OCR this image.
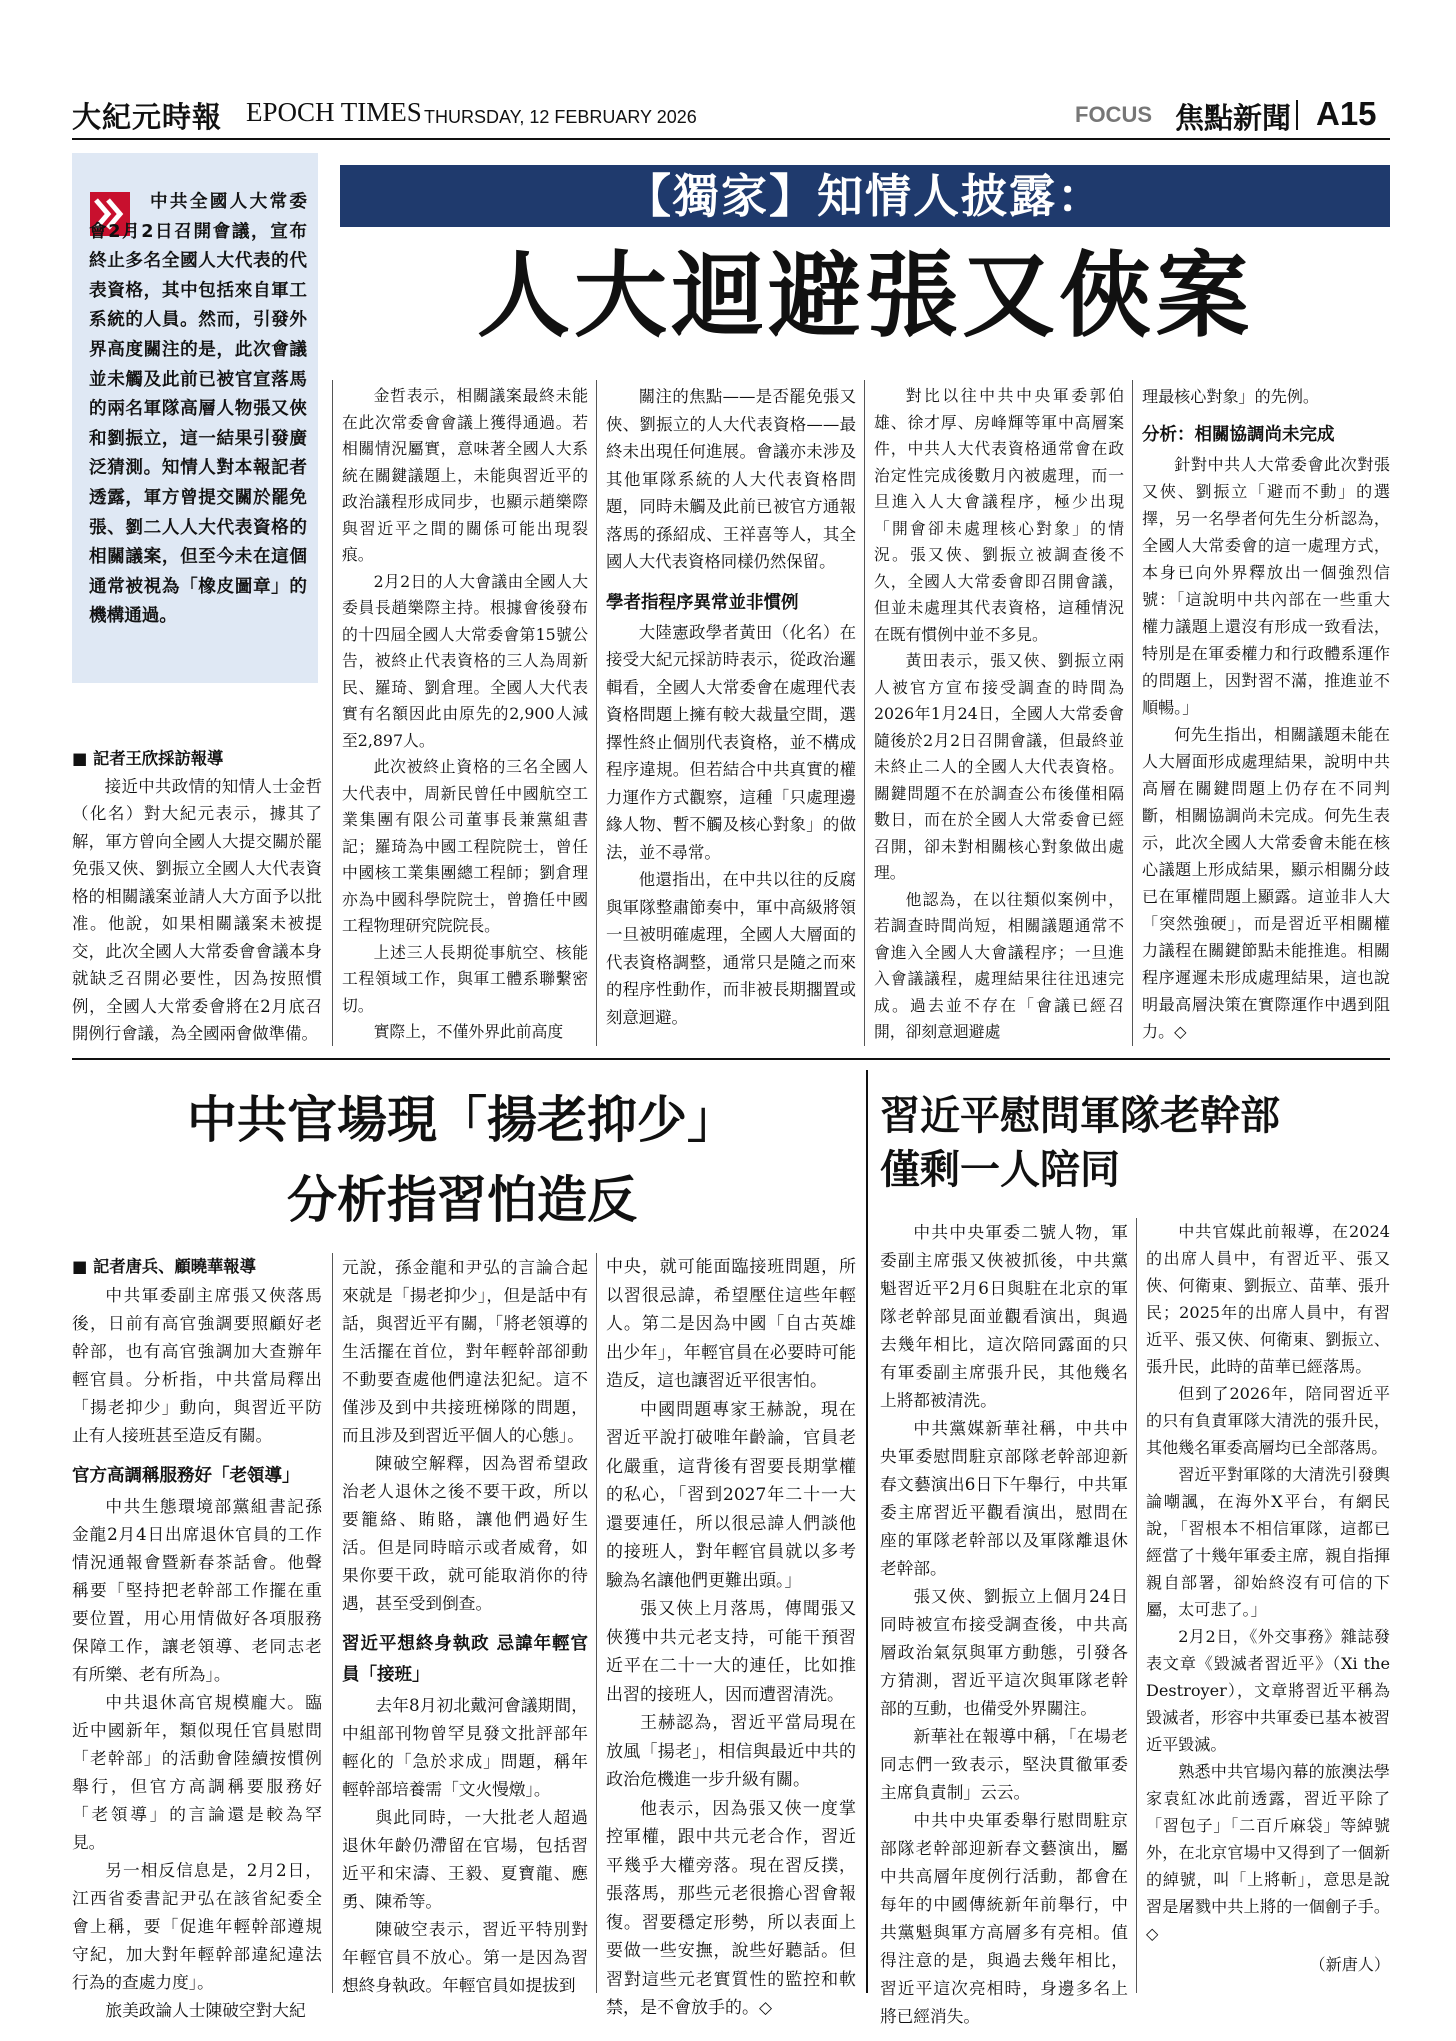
大紀元時報 EPOCH TIMES THURSDAY, 12 FEBRUARY 2026	FOCUS 焦點新聞 A15
中共全國人大常委會2月2日召開會議，宣布終止多名全國人大代表的代表資格，其中包括來自軍工系統的人員。然而，引發外界高度關注的是，此次會議並未觸及此前已被官宣落馬的兩名軍隊高層人物張又俠和劉振立，這一結果引發廣泛猜測。知情人對本報記者透露，軍方曾提交關於罷免張、劉二人人大代表資格的相關議案，但至今未在這個通常被視為「橡皮圖章」的機構通過。
【獨家】知情人披露：
人大迴避張又俠案

■ 記者王欣採訪報導

接近中共政情的知情人士金哲（化名）對大紀元表示，據其了解，軍方曾向全國人大提交關於罷免張又俠、劉振立全國人大代表資格的相關議案並請人大方面予以批准。他說，如果相關議案未被提交，此次全國人大常委會會議本身就缺乏召開必要性，因為按照慣例，全國人大常委會將在2月底召開例行會議，為全國兩會做準備。

金哲表示，相關議案最終未能在此次常委會會議上獲得通過。若相關情況屬實，意味著全國人大系統在關鍵議題上，未能與習近平的政治議程形成同步，也顯示趙樂際與習近平之間的關係可能出現裂痕。

2月2日的人大會議由全國人大委員長趙樂際主持。根據會後發布的十四屆全國人大常委會第15號公告，被終止代表資格的三人為周新民、羅琦、劉倉理。全國人大代表實有名額因此由原先的2,900人減至2,897人。

此次被終止資格的三名全國人大代表中，周新民曾任中國航空工業集團有限公司董事長兼黨組書記；羅琦為中國工程院院士，曾任中國核工業集團總工程師；劉倉理亦為中國科學院院士，曾擔任中國工程物理研究院院長。

上述三人長期從事航空、核能工程領域工作，與軍工體系聯繫密切。

實際上，不僅外界此前高度

關注的焦點——是否罷免張又俠、劉振立的人大代表資格——最終未出現任何進展。會議亦未涉及其他軍隊系統的人大代表資格問題，同時未觸及此前已被官方通報落馬的孫紹成、王祥喜等人，其全國人大代表資格同樣仍然保留。

學者指程序異常並非慣例

大陸憲政學者黃田（化名）在接受大紀元採訪時表示，從政治邏輯看，全國人大常委會在處理代表資格問題上擁有較大裁量空間，選擇性終止個別代表資格，並不構成程序違規。但若結合中共真實的權力運作方式觀察，這種「只處理邊緣人物、暫不觸及核心對象」的做法，並不尋常。

他還指出，在中共以往的反腐與軍隊整肅節奏中，軍中高級將領一旦被明確處理，全國人大層面的代表資格調整，通常只是隨之而來的程序性動作，而非被長期擱置或刻意迴避。

對比以往中共中央軍委郭伯雄、徐才厚、房峰輝等軍中高層案件，中共人大代表資格通常會在政治定性完成後數月內被處理，而一旦進入人大會議程序，極少出現「開會卻未處理核心對象」的情況。張又俠、劉振立被調查後不久，全國人大常委會即召開會議，但並未處理其代表資格，這種情況在既有慣例中並不多見。

黃田表示，張又俠、劉振立兩人被官方宣布接受調查的時間為2026年1月24日，全國人大常委會隨後於2月2日召開會議，但最終並未終止二人的全國人大代表資格。關鍵問題不在於調查公布後僅相隔數日，而在於全國人大常委會已經召開，卻未對相關核心對象做出處理。

他認為，在以往類似案例中，若調查時間尚短，相關議題通常不會進入全國人大會議程序；一旦進入會議議程，處理結果往往迅速完成。過去並不存在「會議已經召開，卻刻意迴避處

理最核心對象」的先例。

分析：相關協調尚未完成

針對中共人大常委會此次對張又俠、劉振立「避而不動」的選擇，另一名學者何先生分析認為，全國人大常委會的這一處理方式，本身已向外界釋放出一個強烈信號：「這說明中共內部在一些重大權力議題上還沒有形成一致看法，特別是在軍委權力和行政體系運作的問題上，因對習不滿，推進並不順暢。」

何先生指出，相關議題未能在人大層面形成處理結果，說明中共高層在關鍵問題上仍存在不同判斷，相關協調尚未完成。何先生表示，此次全國人大常委會未能在核心議題上形成結果，顯示相關分歧已在軍權問題上顯露。這並非人大「突然強硬」，而是習近平相關權力議程在關鍵節點未能推進。相關程序遲遲未形成處理結果，這也說明最高層決策在實際運作中遇到阻力。◇

中共官場現「揚老抑少」
分析指習怕造反

■ 記者唐兵、顧曉華報導

中共軍委副主席張又俠落馬後，日前有高官強調要照顧好老幹部，也有高官強調加大查辦年輕官員。分析指，中共當局釋出「揚老抑少」動向，與習近平防止有人接班甚至造反有關。

官方高調稱服務好「老領導」

中共生態環境部黨組書記孫金龍2月4日出席退休官員的工作情況通報會暨新春茶話會。他聲稱要「堅持把老幹部工作擺在重要位置，用心用情做好各項服務保障工作，讓老領導、老同志老有所樂、老有所為」。

中共退休高官規模龐大。臨近中國新年，類似現任官員慰問「老幹部」的活動會陸續按慣例舉行，但官方高調稱要服務好「老領導」的言論還是較為罕見。

另一相反信息是，2月2日，江西省委書記尹弘在該省紀委全會上稱，要「促進年輕幹部遵規守紀，加大對年輕幹部違紀違法行為的查處力度」。

旅美政論人士陳破空對大紀

元說，孫金龍和尹弘的言論合起來就是「揚老抑少」，但是話中有話，與習近平有關，「將老領導的生活擺在首位，對年輕幹部卻動不動要查處他們違法犯紀。這不僅涉及到中共接班梯隊的問題，而且涉及到習近平個人的心態」。

陳破空解釋，因為習希望政治老人退休之後不要干政，所以要籠絡、賄賂，讓他們過好生活。但是同時暗示或者威脅，如果你要干政，就可能取消你的待遇，甚至受到倒查。

習近平想終身執政 忌諱年輕官員「接班」

去年8月初北戴河會議期間，中組部刊物曾罕見發文批評部年輕化的「急於求成」問題，稱年輕幹部培養需「文火慢燉」。

與此同時，一大批老人超過退休年齡仍滯留在官場，包括習近平和宋濤、王毅、夏寶龍、應勇、陳希等。

陳破空表示，習近平特別對年輕官員不放心。第一是因為習想終身執政。年輕官員如提拔到

中央，就可能面臨接班問題，所以習很忌諱，希望壓住這些年輕人。第二是因為中國「自古英雄出少年」，年輕官員在必要時可能造反，這也讓習近平很害怕。

中國問題專家王赫說，現在習近平說打破唯年齡論，官員老化嚴重，這背後有習要長期掌權的私心，「習到2027年二十一大還要連任，所以很忌諱人們談他的接班人，對年輕官員就以多考驗為名讓他們更難出頭。」

張又俠上月落馬，傳聞張又俠獲中共元老支持，可能干預習近平在二十一大的連任，比如推出習的接班人，因而遭習清洗。

王赫認為，習近平當局現在放風「揚老」，相信與最近中共的政治危機進一步升級有關。

他表示，因為張又俠一度掌控軍權，跟中共元老合作，習近平幾乎大權旁落。現在習反撲，張落馬，那些元老很擔心習會報復。習要穩定形勢，所以表面上要做一些安撫，說些好聽話。但習對這些元老實質性的監控和軟禁，是不會放手的。◇

習近平慰問軍隊老幹部
僅剩一人陪同

中共中央軍委二號人物，軍委副主席張又俠被抓後，中共黨魁習近平2月6日與駐在北京的軍隊老幹部見面並觀看演出，與過去幾年相比，這次陪同露面的只有軍委副主席張升民，其他幾名上將都被清洗。

中共黨媒新華社稱，中共中央軍委慰問駐京部隊老幹部迎新春文藝演出6日下午舉行，中共軍委主席習近平觀看演出，慰問在座的軍隊老幹部以及軍隊離退休老幹部。

張又俠、劉振立上個月24日同時被宣布接受調查後，中共高層政治氣氛與軍方動態，引發各方猜測，習近平這次與軍隊老幹部的互動，也備受外界關注。

新華社在報導中稱，「在場老同志們一致表示，堅決貫徹軍委主席負責制」云云。

中共中央軍委舉行慰問駐京部隊老幹部迎新春文藝演出，屬中共高層年度例行活動，都會在每年的中國傳統新年前舉行，中共黨魁與軍方高層多有亮相。值得注意的是，與過去幾年相比，習近平這次亮相時，身邊多名上將已經消失。

中共官媒此前報導，在2024的出席人員中，有習近平、張又俠、何衛東、劉振立、苗華、張升民；2025年的出席人員中，有習近平、張又俠、何衛東、劉振立、張升民，此時的苗華已經落馬。

但到了2026年，陪同習近平的只有負責軍隊大清洗的張升民，其他幾名軍委高層均已全部落馬。

習近平對軍隊的大清洗引發輿論嘲諷，在海外X平台，有網民說，「習根本不相信軍隊，這都已經當了十幾年軍委主席，親自指揮親自部署，卻始終沒有可信的下屬，太可悲了。」

2月2日，《外交事務》雜誌發表文章《毀滅者習近平》（Xi the Destroyer），文章將習近平稱為毀滅者，形容中共軍委已基本被習近平毀滅。

熟悉中共官場內幕的旅澳法學家袁紅冰此前透露，習近平除了「習包子」「二百斤麻袋」等綽號外，在北京官場中又得到了一個新的綽號，叫「上將斬」，意思是說習是屠戮中共上將的一個劊子手。◇

（新唐人）
